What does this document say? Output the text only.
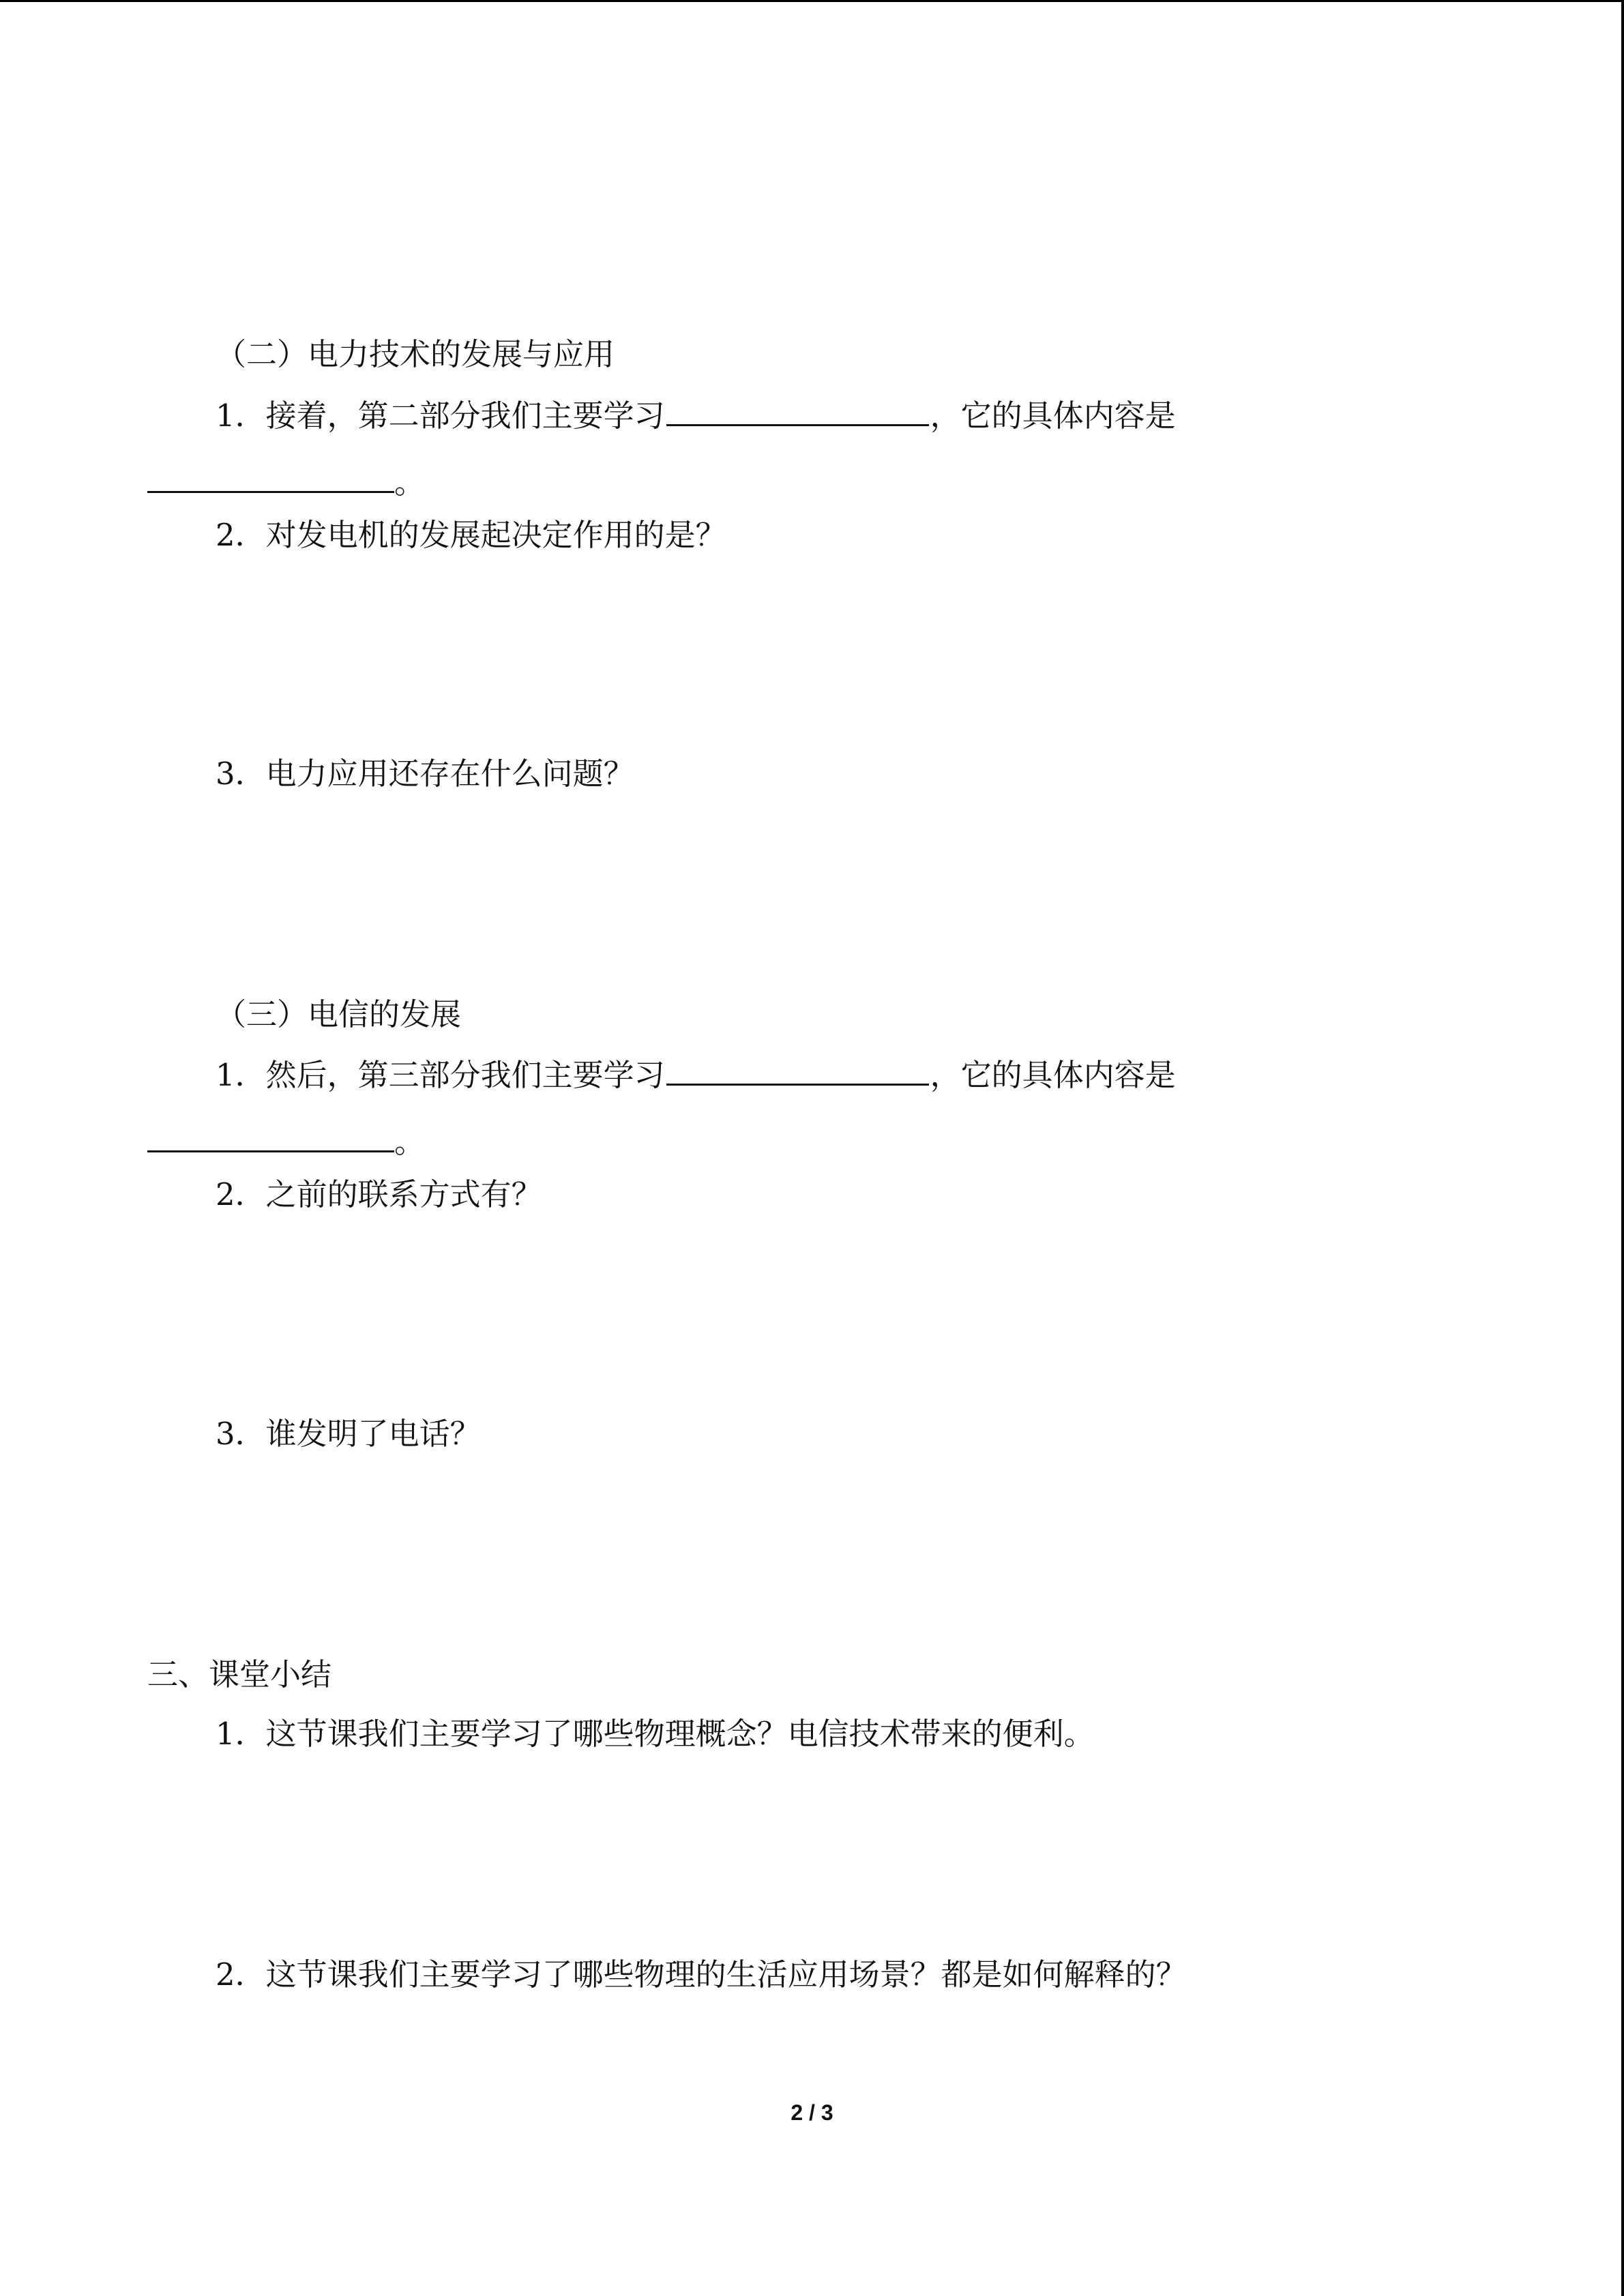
（二）电力技术的发展与应用
1．接着，第二部分我们主要学习	，它的具体内容是
。
2．对发电机的发展起决定作用的是？
3．电力应用还存在什么问题？
（三）电信的发展
1．然后，第三部分我们主要学习	，它的具体内容是
。
2．之前的联系方式有？
3．谁发明了电话？
三、课堂小结
1．这节课我们主要学习了哪些物理概念？电信技术带来的便利。
2．这节课我们主要学习了哪些物理的生活应用场景？都是如何解释的？
2 / 3
